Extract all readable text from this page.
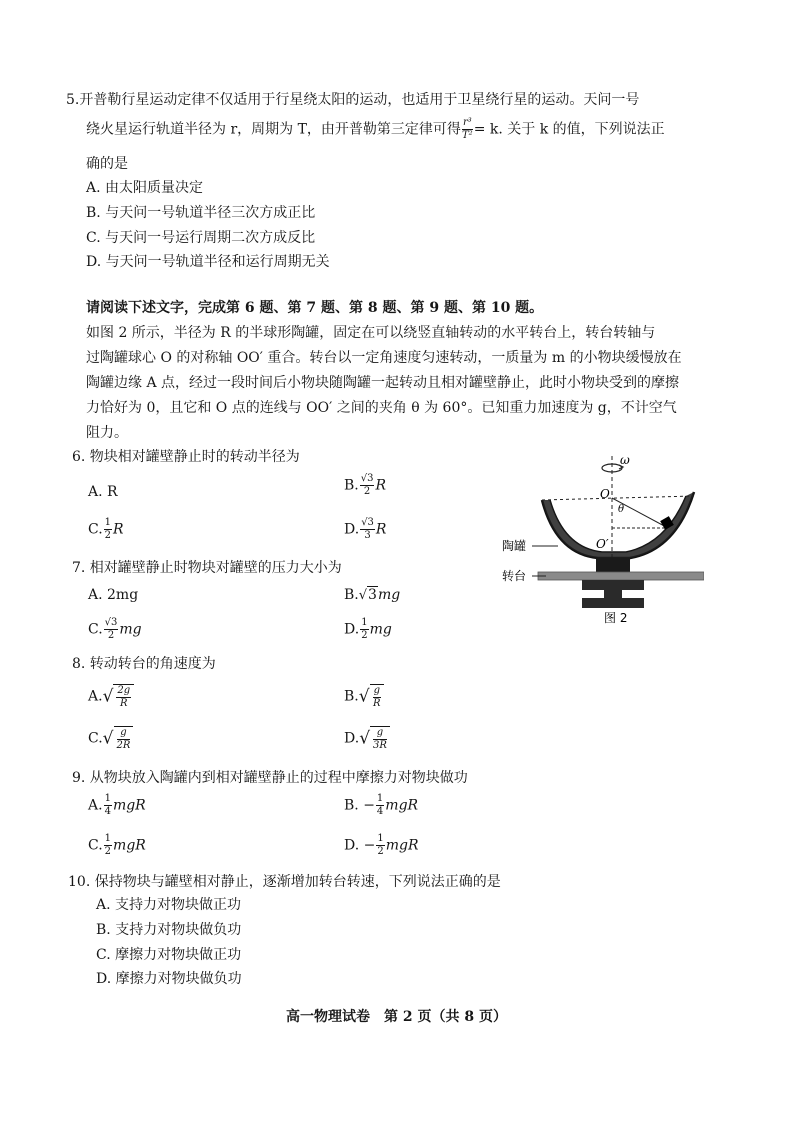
5.开普勒行星运动定律不仅适用于行星绕太阳的运动，也适用于卫星绕行星的运动。天问一号
绕火星运行轨道半径为 r，周期为 T，由开普勒第三定律可得 $\frac{\text{r³}}{\text{T²}} = k$. 关于 k 的值，下列说法正
确的是
A. 由太阳质量决定
B. 与天问一号轨道半径三次方成正比
C. 与天问一号运行周期二次方成反比
D. 与天问一号轨道半径和运行周期无关
请阅读下述文字，完成第 6 题、第 7 题、第 8 题、第 9 题、第 10 题。
如图 2 所示，半径为 R 的半球形陶罐，固定在可以绕竖直轴转动的水平转台上，转台转轴与
过陶罐球心 O 的对称轴 OO′ 重合。转台以一定角速度匀速转动，一质量为 m 的小物块缓慢放在
陶罐边缘 A 点，经过一段时间后小物块随陶罐一起转动且相对罐壁静止，此时小物块受到的摩擦
力恰好为 0，且它和 O 点的连线与 OO′ 之间的夹角 θ 为 60°。已知重力加速度为 g，不计空气
阻力。
6. 物块相对罐壁静止时的转动半径为
A. R	B. $\frac{√3}{2}$ R
C. $\frac{1}{2}$ R	D. $\frac{√3}{3}$ R
7. 相对罐壁静止时物块对罐壁的压力大小为
A. 2mg	B.√3mg
C. $\frac{√3}{2}$ mg	D. $\frac{1}{2}$ mg
8. 转动转台的角速度为
$A.√ \frac{2g}{R}$	$B.√ \frac{g}{R}$
$C.√ \frac{g}{2R}$	$D.√ \frac{g}{3R}$
9. 从物块放入陶罐内到相对罐壁静止的过程中摩擦力对物块做功
A. $\frac{1}{4}$ mgR	B. − $\frac{1}{4}$ mgR
C. $\frac{1}{2}$ mgR	D. − $\frac{1}{2}$ mgR
10. 保持物块与罐壁相对静止，逐渐增加转台转速，下列说法正确的是
A. 支持力对物块做正功
B. 支持力对物块做负功
C. 摩擦力对物块做正功
D. 摩擦力对物块做负功
ω
O
θ
O′
陶罐
转台
图 2
高一物理试卷　第 2 页（共 8 页）
